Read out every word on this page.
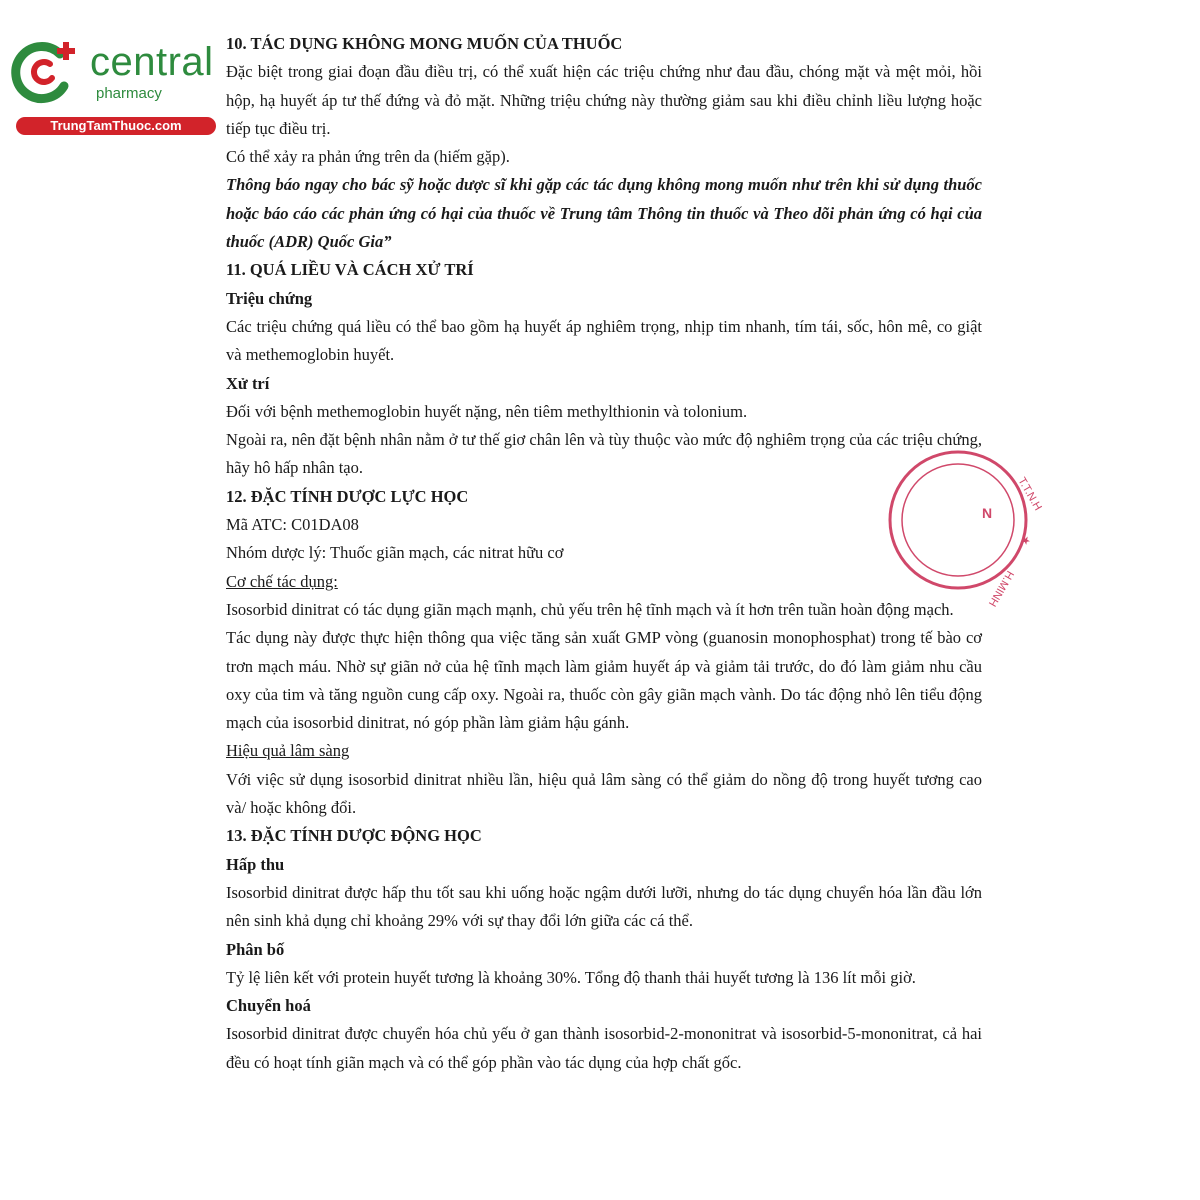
central
pharmacy
TrungTamThuoc.com
T.T.N.H
★
H.MINH
N

10. TÁC DỤNG KHÔNG MONG MUỐN CỦA THUỐC

Đặc biệt trong giai đoạn đầu điều trị, có thể xuất hiện các triệu chứng như đau đầu, chóng mặt và mệt mỏi, hồi hộp, hạ huyết áp tư thế đứng và đỏ mặt. Những triệu chứng này thường giảm sau khi điều chỉnh liều lượng hoặc tiếp tục điều trị.

Có thể xảy ra phản ứng trên da (hiếm gặp).

Thông báo ngay cho bác sỹ hoặc dược sĩ khi gặp các tác dụng không mong muốn như trên khi sử dụng thuốc hoặc báo cáo các phản ứng có hại của thuốc về Trung tâm Thông tin thuốc và Theo dõi phản ứng có hại của thuốc (ADR) Quốc Gia”

11. QUÁ LIỀU VÀ CÁCH XỬ TRÍ

Triệu chứng

Các triệu chứng quá liều có thể bao gồm hạ huyết áp nghiêm trọng, nhịp tim nhanh, tím tái, sốc, hôn mê, co giật và methemoglobin huyết.

Xử trí

Đối với bệnh methemoglobin huyết nặng, nên tiêm methylthionin và tolonium.

Ngoài ra, nên đặt bệnh nhân nằm ở tư thế giơ chân lên và tùy thuộc vào mức độ nghiêm trọng của các triệu chứng, hãy hô hấp nhân tạo.

12. ĐẶC TÍNH DƯỢC LỰC HỌC

Mã ATC: C01DA08

Nhóm dược lý: Thuốc giãn mạch, các nitrat hữu cơ

Cơ chế tác dụng:

Isosorbid dinitrat có tác dụng giãn mạch mạnh, chủ yếu trên hệ tĩnh mạch và ít hơn trên tuần hoàn động mạch.

Tác dụng này được thực hiện thông qua việc tăng sản xuất GMP vòng (guanosin monophosphat) trong tế bào cơ trơn mạch máu. Nhờ sự giãn nở của hệ tĩnh mạch làm giảm huyết áp và giảm tải trước, do đó làm giảm nhu cầu oxy của tim và tăng nguồn cung cấp oxy. Ngoài ra, thuốc còn gây giãn mạch vành. Do tác động nhỏ lên tiểu động mạch của isosorbid dinitrat, nó góp phần làm giảm hậu gánh.

Hiệu quả lâm sàng

Với việc sử dụng isosorbid dinitrat nhiều lần, hiệu quả lâm sàng có thể giảm do nồng độ trong huyết tương cao và/ hoặc không đổi.

13. ĐẶC TÍNH DƯỢC ĐỘNG HỌC

Hấp thu

Isosorbid dinitrat được hấp thu tốt sau khi uống hoặc ngậm dưới lưỡi, nhưng do tác dụng chuyển hóa lần đầu lớn nên sinh khả dụng chỉ khoảng 29% với sự thay đổi lớn giữa các cá thể.

Phân bố

Tỷ lệ liên kết với protein huyết tương là khoảng 30%. Tổng độ thanh thải huyết tương là 136 lít mỗi giờ.

Chuyển hoá

Isosorbid dinitrat được chuyển hóa chủ yếu ở gan thành isosorbid-2-mononitrat và isosorbid-5-mononitrat, cả hai đều có hoạt tính giãn mạch và có thể góp phần vào tác dụng của hợp chất gốc.
